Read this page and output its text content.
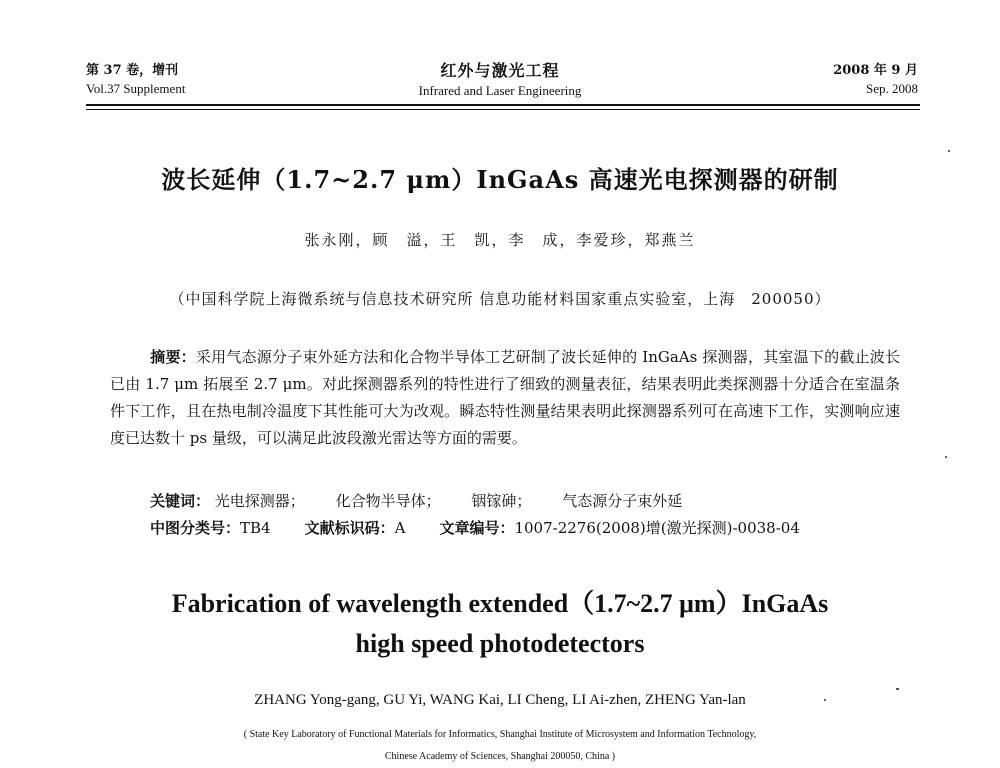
第 37 卷，增刊
Vol.37 Supplement
红外与激光工程
Infrared and Laser Engineering
2008 年 9 月
Sep. 2008
波长延伸（1.7~2.7 μm）InGaAs 高速光电探测器的研制
张永刚，顾　溢，王　凯，李　成，李爱珍，郑燕兰
（中国科学院上海微系统与信息技术研究所 信息功能材料国家重点实验室，上海　200050）
摘要：采用气态源分子束外延方法和化合物半导体工艺研制了波长延伸的 InGaAs 探测器，其室温下的截止波长已由 1.7 μm 拓展至 2.7 μm。对此探测器系列的特性进行了细致的测量表征，结果表明此类探测器十分适合在室温条件下工作，且在热电制冷温度下其性能可大为改观。瞬态特性测量结果表明此探测器系列可在高速下工作，实测响应速度已达数十 ps 量级，可以满足此波段激光雷达等方面的需要。
关键词： 光电探测器； 化合物半导体； 铟镓砷； 气态源分子束外延
中图分类号：TB4 文献标识码：A 文章编号：1007-2276(2008)增(激光探测)-0038-04
Fabrication of wavelength extended（1.7~2.7 μm）InGaAs
high speed photodetectors
ZHANG Yong-gang, GU Yi, WANG Kai, LI Cheng, LI Ai-zhen, ZHENG Yan-lan
( State Key Laboratory of Functional Materials for Informatics, Shanghai Institute of Microsystem and Information Technology,
Chinese Academy of Sciences, Shanghai 200050, China )
